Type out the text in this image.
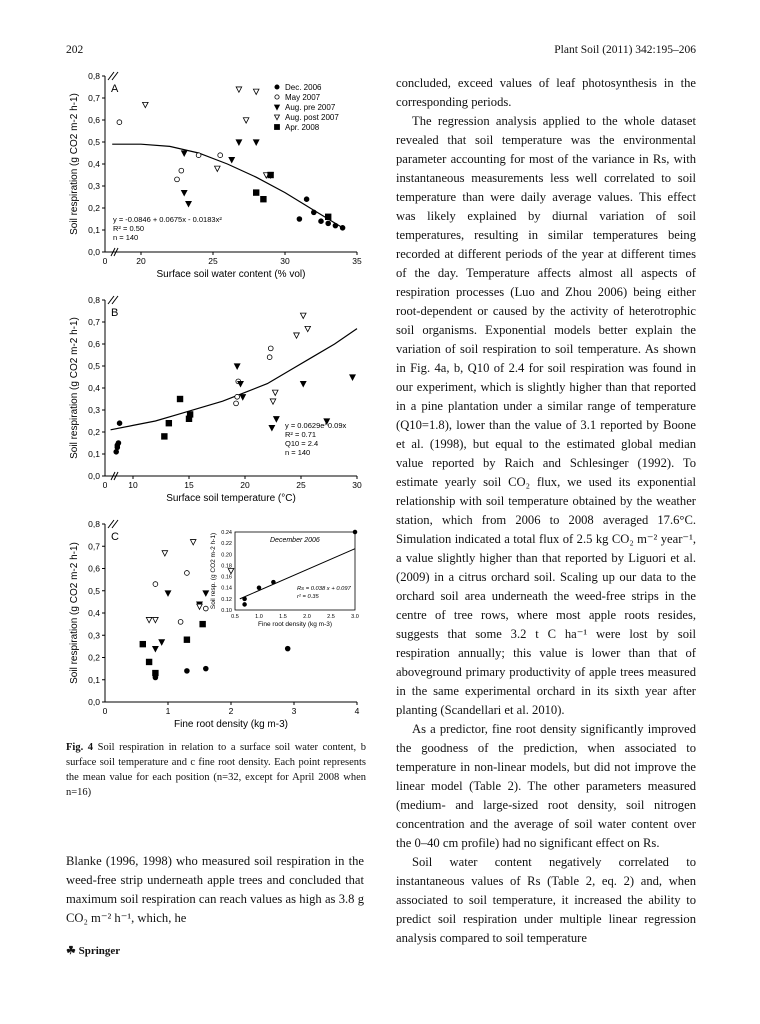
202	Plant Soil (2011) 342:195–206
0,0
0,1
0,2
0,3
0,4
0,5
0,6
0,7
0,8
0	20	25	30	35
A
Surface soil water content (% vol)
Soil respiration (g CO2 m-2 h-1)	y = -0.0846 + 0.0675x - 0.0183x²
R² = 0.50
n = 140
Dec. 2006
May 2007
Aug. pre 2007
Aug. post 2007
Apr. 2008
0,0
0,1
0,2
0,3
0,4
0,5
0,6
0,7
0,8
0 10	15	20	25	30
B
Surface soil temperature (°C)
Soil respiration (g CO2 m-2 h-1)	y = 0.0629e^0.09x
R² = 0.71
Q10 = 2.4
n = 140
0,0
0,1
0,2
0,3
0,4
0,5
0,6
0,7
0,8
0	1	2	3	4
C
Fine root density (kg m-3)
Soil respiration (g CO2 m-2 h-1)
December 2006
0.10
0.12
0.14
0.16
0.18
0.20
0.22
0.24
0.5	1.0	1.5	2.0	2.5	3.0
Fine root density (kg m-3)
Soil resp. (g CO2 m-2 h-1)	Rs = 0.038 x + 0.097
r² = 0.35
Fig. 4 Soil respiration in relation to a surface soil water content, b surface soil temperature and c fine root density. Each point represents the mean value for each position (n=32, except for April 2008 when n=16)

Blanke (1996, 1998) who measured soil respiration in the weed-free strip underneath apple trees and concluded that maximum soil respiration can reach values as high as 3.8 g CO₂ m⁻² h⁻¹, which, he

concluded, exceed values of leaf photosynthesis in the corresponding periods.

The regression analysis applied to the whole dataset revealed that soil temperature was the environmental parameter accounting for most of the variance in Rs, with instantaneous measurements less well correlated to soil temperature than were daily average values. This effect was likely explained by diurnal variation of soil temperatures, resulting in similar temperatures being recorded at different periods of the year at different times of the day. Temperature affects almost all aspects of respiration processes (Luo and Zhou 2006) being either root-dependent or caused by the activity of heterotrophic soil organisms. Exponential models better explain the variation of soil respiration to soil temperature. As shown in Fig. 4a, b, Q10 of 2.4 for soil respiration was found in our experiment, which is slightly higher than that reported in a pine plantation under a similar range of temperature (Q10=1.8), lower than the value of 3.1 reported by Boone et al. (1998), but equal to the estimated global median value reported by Raich and Schlesinger (1992). To estimate yearly soil CO₂ flux, we used its exponential relationship with soil temperature obtained by the weather station, which from 2006 to 2008 averaged 17.6°C. Simulation indicated a total flux of 2.5 kg CO₂ m⁻² year⁻¹, a value slightly higher than that reported by Liguori et al. (2009) in a citrus orchard soil. Scaling up our data to the orchard soil area underneath the weed-free strips in the centre of tree rows, where most apple roots resides, suggests that some 3.2 t C ha⁻¹ were lost by soil respiration annually; this value is lower than that of aboveground primary productivity of apple trees measured in the same experimental orchard in its sixth year after planting (Scandellari et al. 2010).

As a predictor, fine root density significantly improved the goodness of the prediction, when associated to temperature in non-linear models, but did not improve the linear model (Table 2). The other parameters measured (medium- and large-sized root density, soil nitrogen concentration and the average of soil water content over the 0–40 cm profile) had no significant effect on Rs.

Soil water content negatively correlated to instantaneous values of Rs (Table 2, eq. 2) and, when associated to soil temperature, it increased the ability to predict soil respiration under multiple linear regression analysis compared to soil temperature

☘ Springer
